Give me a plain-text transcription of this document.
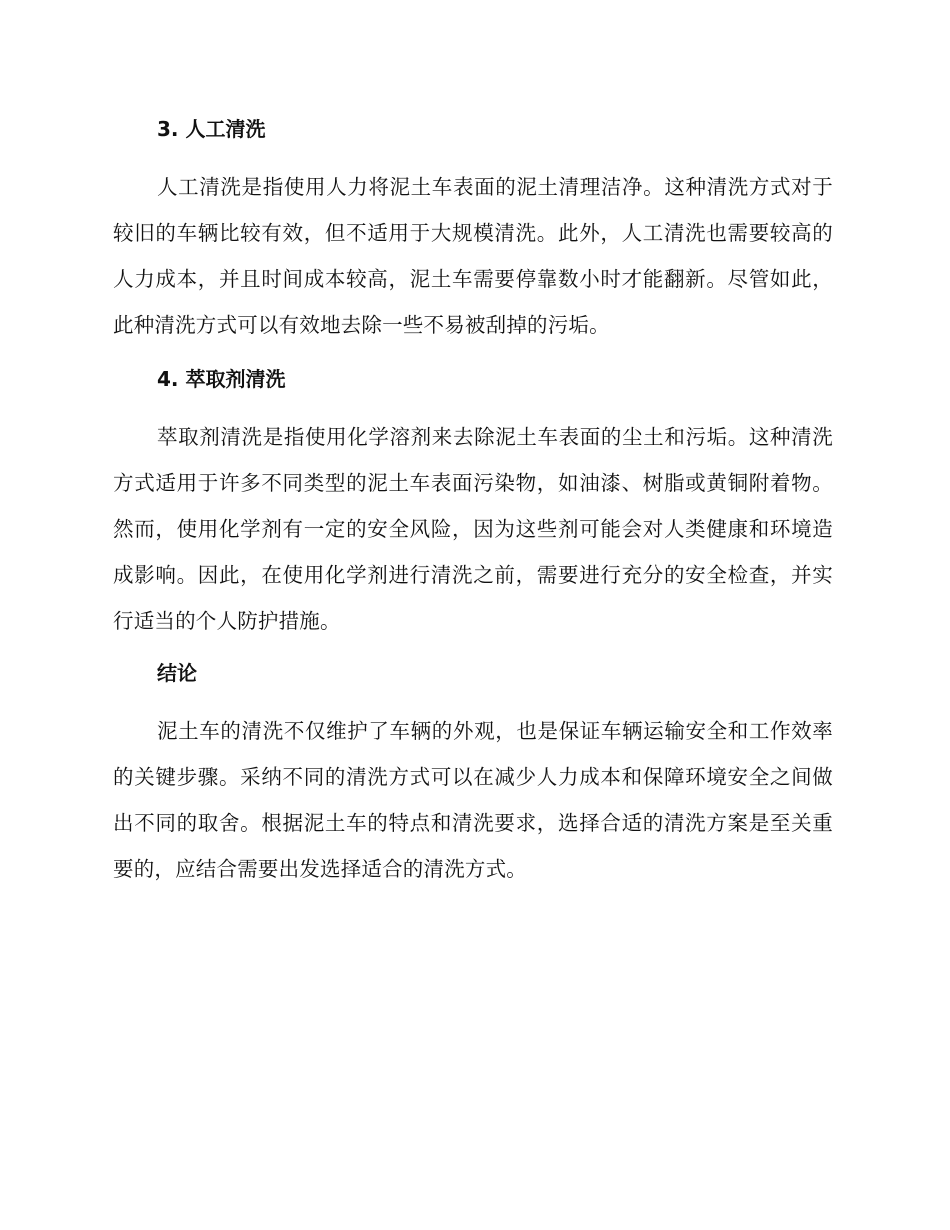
3. 人工清洗
人工清洗是指使用人力将泥土车表面的泥土清理洁净。这种清洗方式对于较旧的车辆比较有效，但不适用于大规模清洗。此外，人工清洗也需要较高的人力成本，并且时间成本较高，泥土车需要停靠数小时才能翻新。尽管如此，此种清洗方式可以有效地去除一些不易被刮掉的污垢。
4. 萃取剂清洗
萃取剂清洗是指使用化学溶剂来去除泥土车表面的尘土和污垢。这种清洗方式适用于许多不同类型的泥土车表面污染物，如油漆、树脂或黄铜附着物。然而，使用化学剂有一定的安全风险，因为这些剂可能会对人类健康和环境造成影响。因此，在使用化学剂进行清洗之前，需要进行充分的安全检查，并实行适当的个人防护措施。
结论
泥土车的清洗不仅维护了车辆的外观，也是保证车辆运输安全和工作效率的关键步骤。采纳不同的清洗方式可以在减少人力成本和保障环境安全之间做出不同的取舍。根据泥土车的特点和清洗要求，选择合适的清洗方案是至关重要的，应结合需要出发选择适合的清洗方式。
